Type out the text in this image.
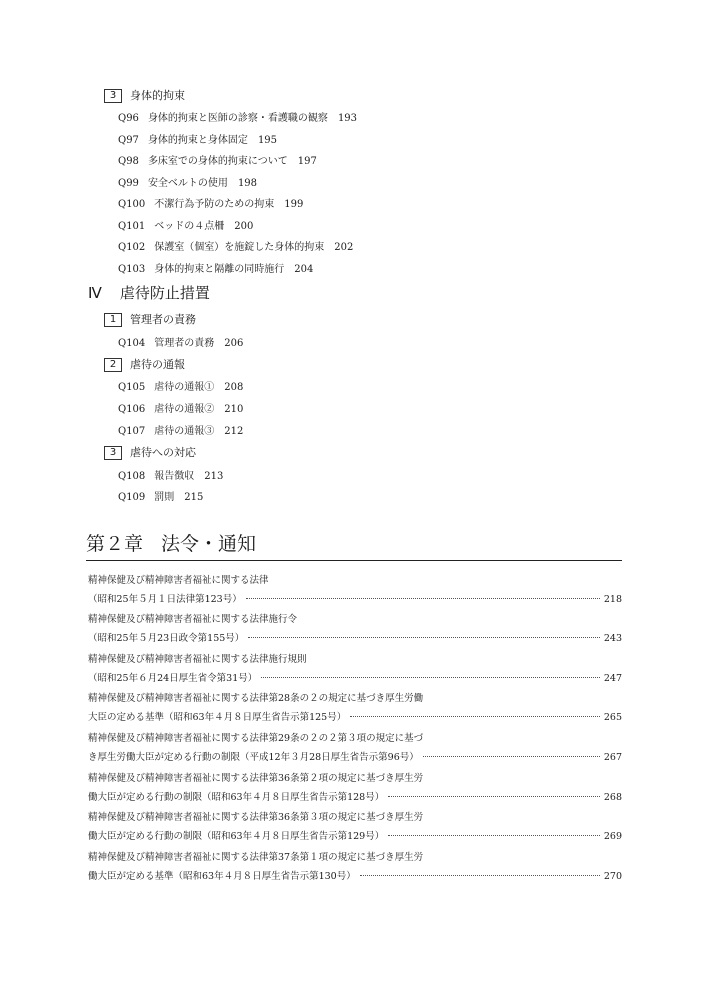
3 身体的拘束
Q96 身体的拘束と医師の診察・看護職の観察 193
Q97 身体的拘束と身体固定 195
Q98 多床室での身体的拘束について 197
Q99 安全ベルトの使用 198
Q100 不潔行為予防のための拘束 199
Q101 ベッドの４点柵 200
Q102 保護室（個室）を施錠した身体的拘束 202
Q103 身体的拘束と隔離の同時施行 204
Ⅳ 虐待防止措置
1 管理者の責務
Q104 管理者の責務 206
2 虐待の通報
Q105 虐待の通報① 208
Q106 虐待の通報② 210
Q107 虐待の通報③ 212
3 虐待への対応
Q108 報告徴収 213
Q109 罰則 215
第２章 法令・通知
精神保健及び精神障害者福祉に関する法律
（昭和25年５月１日法律第123号）	218
精神保健及び精神障害者福祉に関する法律施行令
（昭和25年５月23日政令第155号）	243
精神保健及び精神障害者福祉に関する法律施行規則
（昭和25年６月24日厚生省令第31号）	247
精神保健及び精神障害者福祉に関する法律第28条の２の規定に基づき厚生労働
大臣の定める基準（昭和63年４月８日厚生省告示第125号）	265
精神保健及び精神障害者福祉に関する法律第29条の２の２第３項の規定に基づ
き厚生労働大臣が定める行動の制限（平成12年３月28日厚生省告示第96号）	267
精神保健及び精神障害者福祉に関する法律第36条第２項の規定に基づき厚生労
働大臣が定める行動の制限（昭和63年４月８日厚生省告示第128号）	268
精神保健及び精神障害者福祉に関する法律第36条第３項の規定に基づき厚生労
働大臣が定める行動の制限（昭和63年４月８日厚生省告示第129号）	269
精神保健及び精神障害者福祉に関する法律第37条第１項の規定に基づき厚生労
働大臣が定める基準（昭和63年４月８日厚生省告示第130号）	270
